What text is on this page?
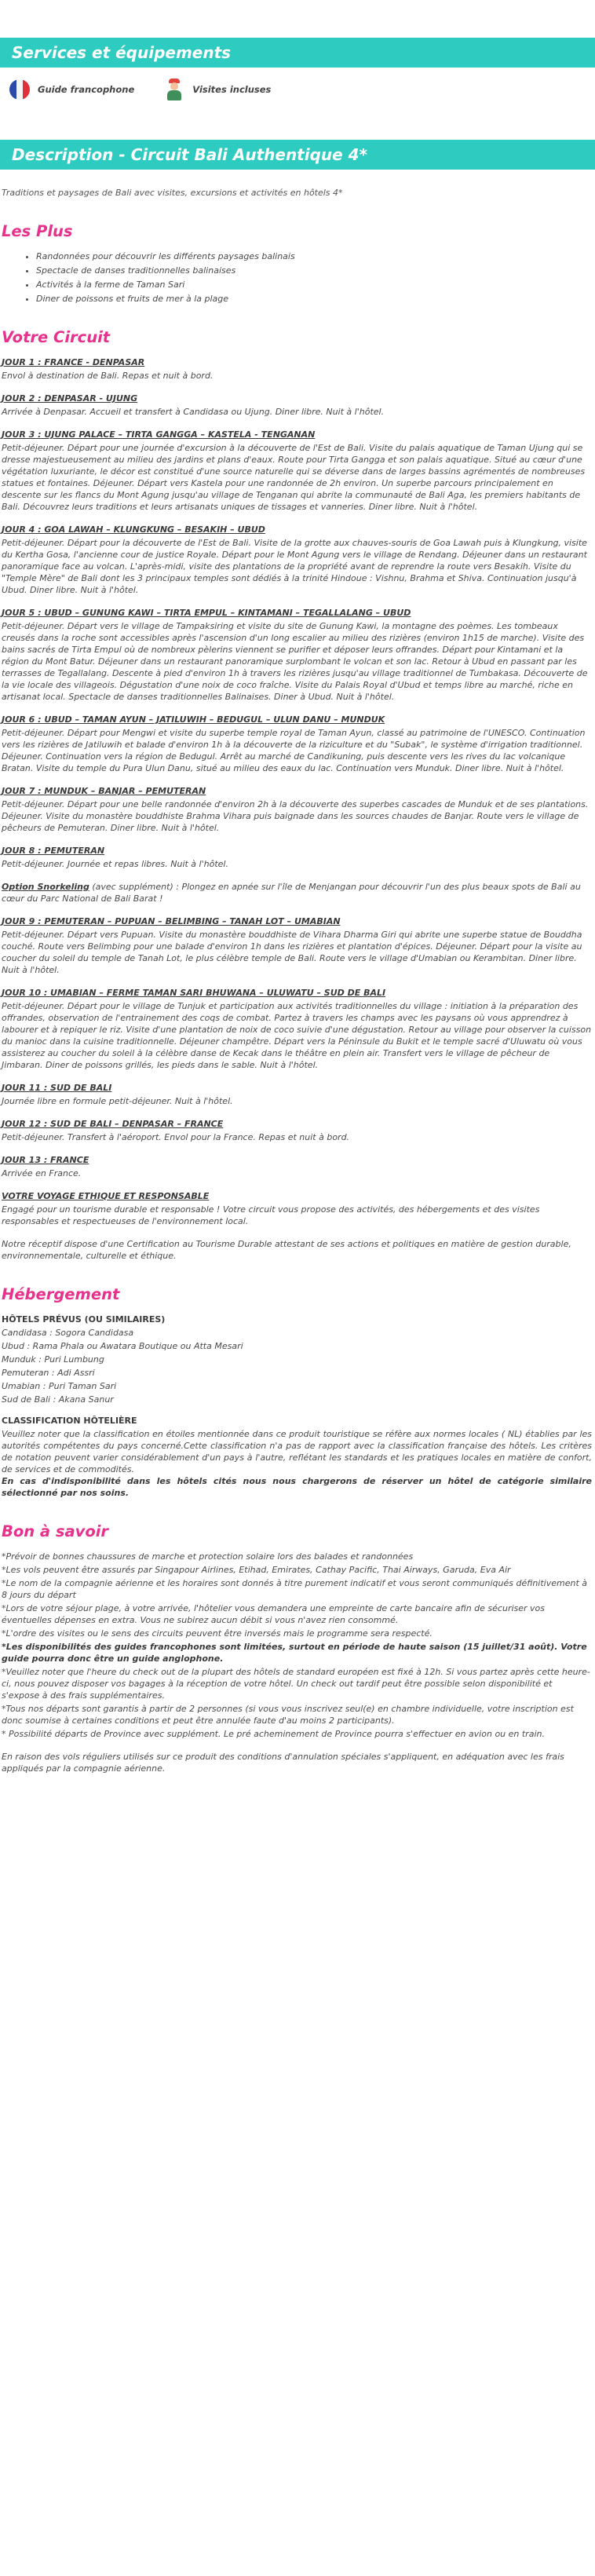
Services et équipements
Guide francophone	Visites incluses
Description - Circuit Bali Authentique 4*
Traditions et paysages de Bali avec visites, excursions et activités en hôtels 4*
Les Plus
• Randonnées pour découvrir les différents paysages balinais
• Spectacle de danses traditionnelles balinaises
• Activités à la ferme de Taman Sari
• Diner de poissons et fruits de mer à la plage
Votre Circuit
JOUR 1 : FRANCE - DENPASAR
Envol à destination de Bali. Repas et nuit à bord.
JOUR 2 : DENPASAR - UJUNG
Arrivée à Denpasar. Accueil et transfert à Candidasa ou Ujung. Diner libre. Nuit à l'hôtel.
JOUR 3 : UJUNG PALACE – TIRTA GANGGA – KASTELA - TENGANAN
Petit-déjeuner. Départ pour une journée d'excursion à la découverte de l'Est de Bali. Visite du palais aquatique de Taman Ujung qui se dresse majestueusement au milieu des jardins et plans d'eaux. Route pour Tirta Gangga et son palais aquatique. Situé au cœur d'une végétation luxuriante, le décor est constitué d'une source naturelle qui se déverse dans de larges bassins agrémentés de nombreuses statues et fontaines. Déjeuner. Départ vers Kastela pour une randonnée de 2h environ. Un superbe parcours principalement en descente sur les flancs du Mont Agung jusqu'au village de Tenganan qui abrite la communauté de Bali Aga, les premiers habitants de Bali. Découvrez leurs traditions et leurs artisanats uniques de tissages et vanneries. Diner libre. Nuit à l'hôtel.
JOUR 4 : GOA LAWAH – KLUNGKUNG – BESAKIH – UBUD
Petit-déjeuner. Départ pour la découverte de l'Est de Bali. Visite de la grotte aux chauves-souris de Goa Lawah puis à Klungkung, visite du Kertha Gosa, l'ancienne cour de justice Royale. Départ pour le Mont Agung vers le village de Rendang. Déjeuner dans un restaurant panoramique face au volcan. L'après-midi, visite des plantations de la propriété avant de reprendre la route vers Besakih. Visite du "Temple Mère" de Bali dont les 3 principaux temples sont dédiés à la trinité Hindoue : Vishnu, Brahma et Shiva. Continuation jusqu'à Ubud. Diner libre. Nuit à l'hôtel.
JOUR 5 : UBUD – GUNUNG KAWI – TIRTA EMPUL – KINTAMANI – TEGALLALANG – UBUD
Petit-déjeuner. Départ vers le village de Tampaksiring et visite du site de Gunung Kawi, la montagne des poèmes. Les tombeaux creusés dans la roche sont accessibles après l'ascension d'un long escalier au milieu des rizières (environ 1h15 de marche). Visite des bains sacrés de Tirta Empul où de nombreux pèlerins viennent se purifier et déposer leurs offrandes. Départ pour Kintamani et la région du Mont Batur. Déjeuner dans un restaurant panoramique surplombant le volcan et son lac. Retour à Ubud en passant par les terrasses de Tegallalang. Descente à pied d'environ 1h à travers les rizières jusqu'au village traditionnel de Tumbakasa. Découverte de la vie locale des villageois. Dégustation d'une noix de coco fraîche. Visite du Palais Royal d'Ubud et temps libre au marché, riche en artisanat local. Spectacle de danses traditionnelles Balinaises. Diner à Ubud. Nuit à l'hôtel.
JOUR 6 : UBUD – TAMAN AYUN – JATILUWIH – BEDUGUL – ULUN DANU – MUNDUK
Petit-déjeuner. Départ pour Mengwi et visite du superbe temple royal de Taman Ayun, classé au patrimoine de l'UNESCO. Continuation vers les rizières de Jatiluwih et balade d'environ 1h à la découverte de la riziculture et du "Subak", le système d'irrigation traditionnel. Déjeuner. Continuation vers la région de Bedugul. Arrêt au marché de Candikuning, puis descente vers les rives du lac volcanique Bratan. Visite du temple du Pura Ulun Danu, situé au milieu des eaux du lac. Continuation vers Munduk. Diner libre. Nuit à l'hôtel.
JOUR 7 : MUNDUK – BANJAR – PEMUTERAN
Petit-déjeuner. Départ pour une belle randonnée d'environ 2h à la découverte des superbes cascades de Munduk et de ses plantations. Déjeuner. Visite du monastère bouddhiste Brahma Vihara puis baignade dans les sources chaudes de Banjar. Route vers le village de pêcheurs de Pemuteran. Diner libre. Nuit à l'hôtel.
JOUR 8 : PEMUTERAN
Petit-déjeuner. Journée et repas libres. Nuit à l'hôtel.
Option Snorkeling (avec supplément) : Plongez en apnée sur l'île de Menjangan pour découvrir l'un des plus beaux spots de Bali au cœur du Parc National de Bali Barat !
JOUR 9 : PEMUTERAN – PUPUAN – BELIMBING – TANAH LOT – UMABIAN
Petit-déjeuner. Départ vers Pupuan. Visite du monastère bouddhiste de Vihara Dharma Giri qui abrite une superbe statue de Bouddha couché. Route vers Belimbing pour une balade d'environ 1h dans les rizières et plantation d'épices. Déjeuner. Départ pour la visite au coucher du soleil du temple de Tanah Lot, le plus célèbre temple de Bali. Route vers le village d'Umabian ou Kerambitan. Diner libre. Nuit à l'hôtel.
JOUR 10 : UMABIAN – FERME TAMAN SARI BHUWANA – ULUWATU – SUD DE BALI
Petit-déjeuner. Départ pour le village de Tunjuk et participation aux activités traditionnelles du village : initiation à la préparation des offrandes, observation de l'entrainement des coqs de combat. Partez à travers les champs avec les paysans où vous apprendrez à labourer et à repiquer le riz. Visite d'une plantation de noix de coco suivie d'une dégustation. Retour au village pour observer la cuisson du manioc dans la cuisine traditionnelle. Déjeuner champêtre. Départ vers la Péninsule du Bukit et le temple sacré d'Uluwatu où vous assisterez au coucher du soleil à la célèbre danse de Kecak dans le théâtre en plein air. Transfert vers le village de pêcheur de Jimbaran. Diner de poissons grillés, les pieds dans le sable. Nuit à l'hôtel.
JOUR 11 : SUD DE BALI
Journée libre en formule petit-déjeuner. Nuit à l'hôtel.
JOUR 12 : SUD DE BALI – DENPASAR – FRANCE
Petit-déjeuner. Transfert à l'aéroport. Envol pour la France. Repas et nuit à bord.
JOUR 13 : FRANCE
Arrivée en France.
VOTRE VOYAGE ETHIQUE ET RESPONSABLE
Engagé pour un tourisme durable et responsable ! Votre circuit vous propose des activités, des hébergements et des visites responsables et respectueuses de l'environnement local.
Notre réceptif dispose d'une Certification au Tourisme Durable attestant de ses actions et politiques en matière de gestion durable, environnementale, culturelle et éthique.
Hébergement
HÔTELS PRÉVUS (OU SIMILAIRES)
Candidasa : Sogora Candidasa
Ubud : Rama Phala ou Awatara Boutique ou Atta Mesari
Munduk : Puri Lumbung
Pemuteran : Adi Assri
Umabian : Puri Taman Sari
Sud de Bali : Akana Sanur
CLASSIFICATION HÔTELIÈRE
Veuillez noter que la classification en étoiles mentionnée dans ce produit touristique se réfère aux normes locales ( NL) établies par les autorités compétentes du pays concerné.Cette classification n'a pas de rapport avec la classification française des hôtels. Les critères de notation peuvent varier considérablement d'un pays à l'autre, reflétant les standards et les pratiques locales en matière de confort, de services et de commodités.
En cas d'indisponibilité dans les hôtels cités nous nous chargerons de réserver un hôtel de catégorie similaire sélectionné par nos soins.
Bon à savoir

*Prévoir de bonnes chaussures de marche et protection solaire lors des balades et randonnées

*Les vols peuvent être assurés par Singapour Airlines, Etihad, Emirates, Cathay Pacific, Thai Airways, Garuda, Eva Air

*Le nom de la compagnie aérienne et les horaires sont donnés à titre purement indicatif et vous seront communiqués définitivement à 8 jours du départ

*Lors de votre séjour plage, à votre arrivée, l'hôtelier vous demandera une empreinte de carte bancaire afin de sécuriser vos éventuelles dépenses en extra. Vous ne subirez aucun débit si vous n'avez rien consommé.

*L'ordre des visites ou le sens des circuits peuvent être inversés mais le programme sera respecté.

*Les disponibilités des guides francophones sont limitées, surtout en période de haute saison (15 juillet/31 août). Votre guide pourra donc être un guide anglophone.

*Veuillez noter que l'heure du check out de la plupart des hôtels de standard européen est fixé à 12h. Si vous partez après cette heure-ci, nous pouvez disposer vos bagages à la réception de votre hôtel. Un check out tardif peut être possible selon disponibilité et s'expose à des frais supplémentaires.

*Tous nos départs sont garantis à partir de 2 personnes (si vous vous inscrivez seul(e) en chambre individuelle, votre inscription est donc soumise à certaines conditions et peut être annulée faute d'au moins 2 participants).

* Possibilité départs de Province avec supplément. Le pré acheminement de Province pourra s'effectuer en avion ou en train.

En raison des vols réguliers utilisés sur ce produit des conditions d'annulation spéciales s'appliquent, en adéquation avec les frais appliqués par la compagnie aérienne.
